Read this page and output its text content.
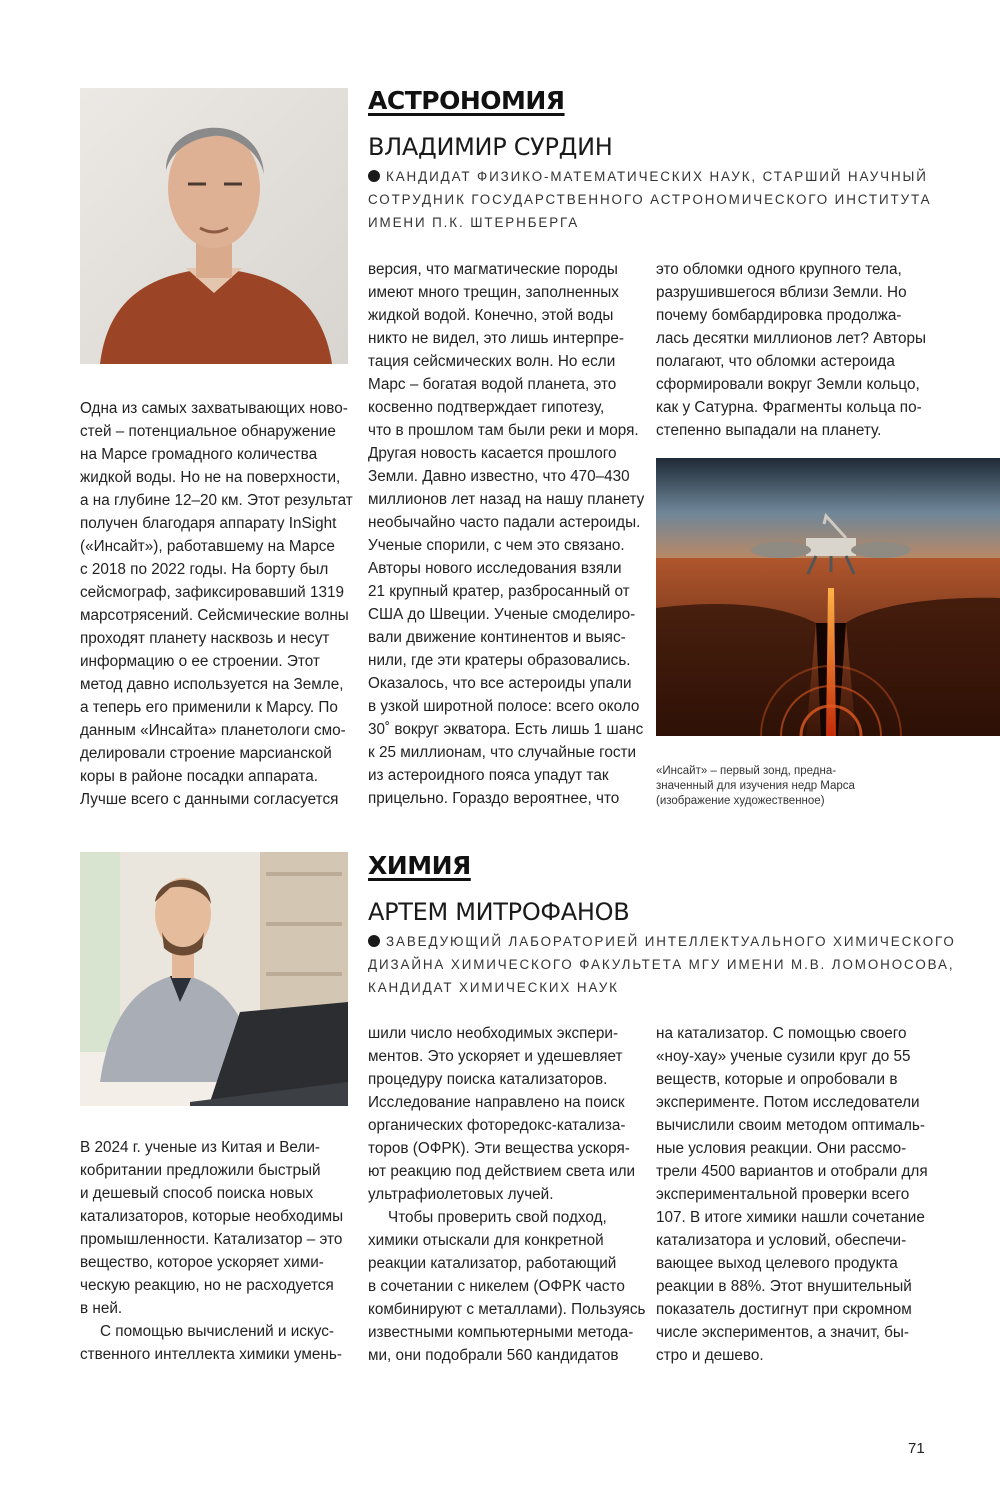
АСТРОНОМИЯ
ВЛАДИМИР СУРДИН
КАНДИДАТ ФИЗИКО-МАТЕМАТИЧЕСКИХ НАУК, СТАРШИЙ НАУЧНЫЙ
СОТРУДНИК ГОСУДАРСТВЕННОГО АСТРОНОМИЧЕСКОГО ИНСТИТУТА
ИМЕНИ П.К. ШТЕРНБЕРГА
Одна из самых захватывающих ново-
стей – потенциальное обнаружение
на Марсе громадного количества
жидкой воды. Но не на поверхности,
а на глубине 12–20 км. Этот результат
получен благодаря аппарату InSight
(«Инсайт»), работавшему на Марсе
с 2018 по 2022 годы. На борту был
сейсмограф, зафиксировавший 1319
марсотрясений. Сейсмические волны
проходят планету насквозь и несут
информацию о ее строении. Этот
метод давно используется на Земле,
а теперь его применили к Марсу. По
данным «Инсайта» планетологи смо-
делировали строение марсианской
коры в районе посадки аппарата.
Лучше всего с данными согласуется
версия, что магматические породы
имеют много трещин, заполненных
жидкой водой. Конечно, этой воды
никто не видел, это лишь интерпре-
тация сейсмических волн. Но если
Марс – богатая водой планета, это
косвенно подтверждает гипотезу,
что в прошлом там были реки и моря.
Другая новость касается прошлого
Земли. Давно известно, что 470–430
миллионов лет назад на нашу планету
необычайно часто падали астероиды.
Ученые спорили, с чем это связано.
Авторы нового исследования взяли
21 крупный кратер, разбросанный от
США до Швеции. Ученые смоделиро-
вали движение континентов и выяс-
нили, где эти кратеры образовались.
Оказалось, что все астероиды упали
в узкой широтной полосе: всего около
30˚ вокруг экватора. Есть лишь 1 шанс
к 25 миллионам, что случайные гости
из астероидного пояса упадут так
прицельно. Гораздо вероятнее, что
это обломки одного крупного тела,
разрушившегося вблизи Земли. Но
почему бомбардировка продолжа-
лась десятки миллионов лет? Авторы
полагают, что обломки астероида
сформировали вокруг Земли кольцо,
как у Сатурна. Фрагменты кольца по-
степенно выпадали на планету.
«Инсайт» – первый зонд, предна-
значенный для изучения недр Марса
(изображение художественное)
ХИМИЯ
АРТЕМ МИТРОФАНОВ
ЗАВЕДУЮЩИЙ ЛАБОРАТОРИЕЙ ИНТЕЛЛЕКТУАЛЬНОГО ХИМИЧЕСКОГО
ДИЗАЙНА ХИМИЧЕСКОГО ФАКУЛЬТЕТА МГУ ИМЕНИ М.В. ЛОМОНОСОВА,
КАНДИДАТ ХИМИЧЕСКИХ НАУК
В 2024 г. ученые из Китая и Вели-
кобритании предложили быстрый
и дешевый способ поиска новых
катализаторов, которые необходимы
промышленности. Катализатор – это
вещество, которое ускоряет хими-
ческую реакцию, но не расходуется
в ней.
С помощью вычислений и искус-
ственного интеллекта химики умень-
шили число необходимых экспери-
ментов. Это ускоряет и удешевляет
процедуру поиска катализаторов.
Исследование направлено на поиск
органических фоторедокс-катализа-
торов (ОФРК). Эти вещества ускоря-
ют реакцию под действием света или
ультрафиолетовых лучей.
Чтобы проверить свой подход,
химики отыскали для конкретной
реакции катализатор, работающий
в сочетании с никелем (ОФРК часто
комбинируют с металлами). Пользуясь
известными компьютерными метода-
ми, они подобрали 560 кандидатов
на катализатор. С помощью своего
«ноу-хау» ученые сузили круг до 55
веществ, которые и опробовали в
эксперименте. Потом исследователи
вычислили своим методом оптималь-
ные условия реакции. Они рассмо-
трели 4500 вариантов и отобрали для
экспериментальной проверки всего
107. В итоге химики нашли сочетание
катализатора и условий, обеспечи-
вающее выход целевого продукта
реакции в 88%. Этот внушительный
показатель достигнут при скромном
числе экспериментов, а значит, бы-
стро и дешево.
71
